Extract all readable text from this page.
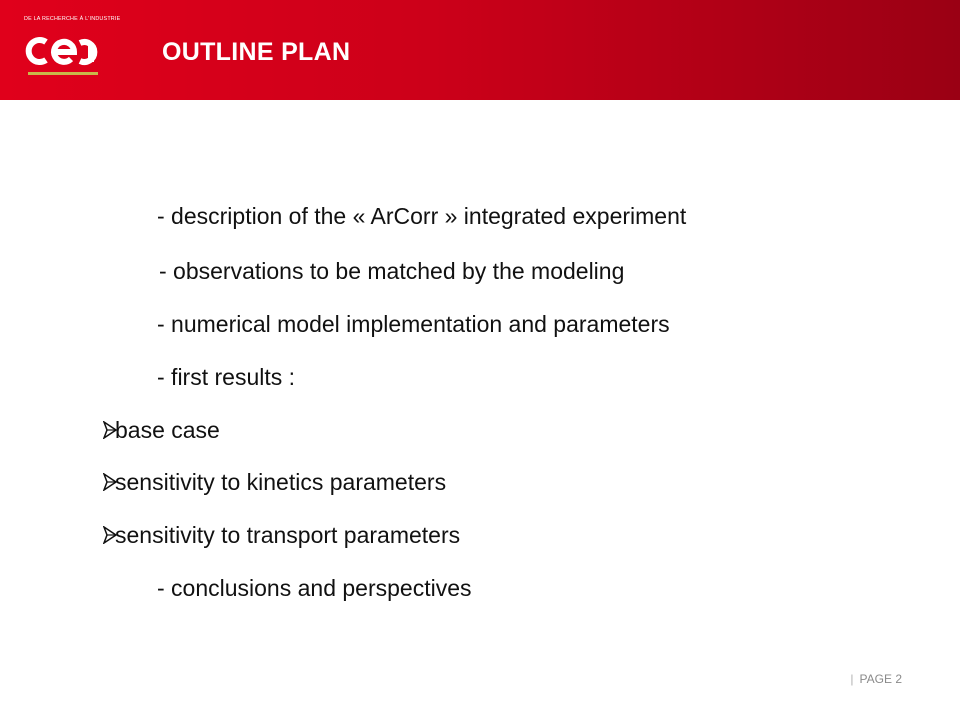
DE LA RECHERCHE À L'INDUSTRIE
OUTLINE PLAN
- description of the « ArCorr » integrated experiment
- observations to be matched by the modeling
- numerical model implementation and parameters
- first results :
base case
sensitivity to kinetics parameters
sensitivity to transport parameters
- conclusions and perspectives
| PAGE 2
